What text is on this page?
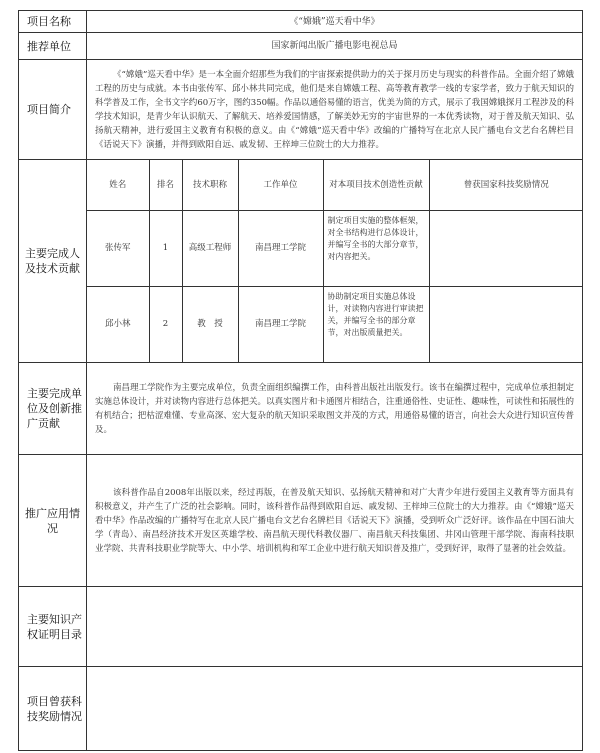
项目名称	《“嫦娥”巡天看中华》
推荐单位	国家新闻出版广播电影电视总局
项目简介	《“嫦娥”巡天看中华》是一本全面介绍那些为我们的宇宙探索提供助力的关于探月历史与现实的科普作品。全面介绍了嫦娥工程的历史与成就。本书由张传军、邱小林共同完成，他们是来自嫦娥工程、高等教育教学一线的专家学者，致力于航天知识的科学普及工作，全书文字约60万字，图约350幅。作品以通俗易懂的语言，优美为简的方式，展示了我国嫦娥探月工程涉及的科学技术知识，是青少年认识航天、了解航天、培养爱国情感，了解美妙无穷的宇宙世界的一本优秀读物，对于普及航天知识、弘扬航天精神，进行爱国主义教育有积极的意义。由《“嫦娥”巡天看中华》改编的广播特写在北京人民广播电台文艺台名牌栏目《话说天下》演播，并得到欧阳自远、戚发韧、王梓坤三位院士的大力推荐。
主要完成人及技术贡献	
姓名	排名	技术职称	工作单位	对本项目技术创造性贡献	曾获国家科技奖励情况
张传军	1	高级工程师	南昌理工学院	制定项目实施的整体框架，对全书结构进行总体设计，并编写全书的大部分章节，对内容把关。	
邱小林	2	教　授	南昌理工学院	协助制定项目实施总体设计，对读物内容进行审读把关，并编写全书的部分章节，对出版质量把关。	

主要完成单位及创新推广贡献	南昌理工学院作为主要完成单位，负责全面组织编撰工作，由科普出版社出版发行。该书在编撰过程中，完成单位承担制定实施总体设计，并对读物内容进行总体把关。以真实图片和卡通图片相结合，注重通俗性、史证性、趣味性，可读性和拓展性的有机结合；把枯涩难懂、专业高深、宏大复杂的航天知识采取图文并茂的方式，用通俗易懂的语言，向社会大众进行知识宣传普及。
推广应用情况	该科普作品自2008年出版以来，经过再版，在普及航天知识、弘扬航天精神和对广大青少年进行爱国主义教育等方面具有积极意义，并产生了广泛的社会影响。同时，该科普作品得到欧阳自远、戚发韧、王梓坤三位院士的大力推荐。由《“嫦娥”巡天看中华》作品改编的广播特写在北京人民广播电台文艺台名牌栏目《话说天下》演播，受到听众广泛好评。该作品在中国石油大学（青岛）、南昌经济技术开发区英雄学校、南昌航天现代科教仪器厂、南昌航天科技集团、井冈山管理干部学院、海南科技职业学院、共青科技职业学院等大、中小学、培训机构和军工企业中进行航天知识普及推广，受到好评，取得了显著的社会效益。
主要知识产权证明目录	
项目曾获科技奖励情况	
